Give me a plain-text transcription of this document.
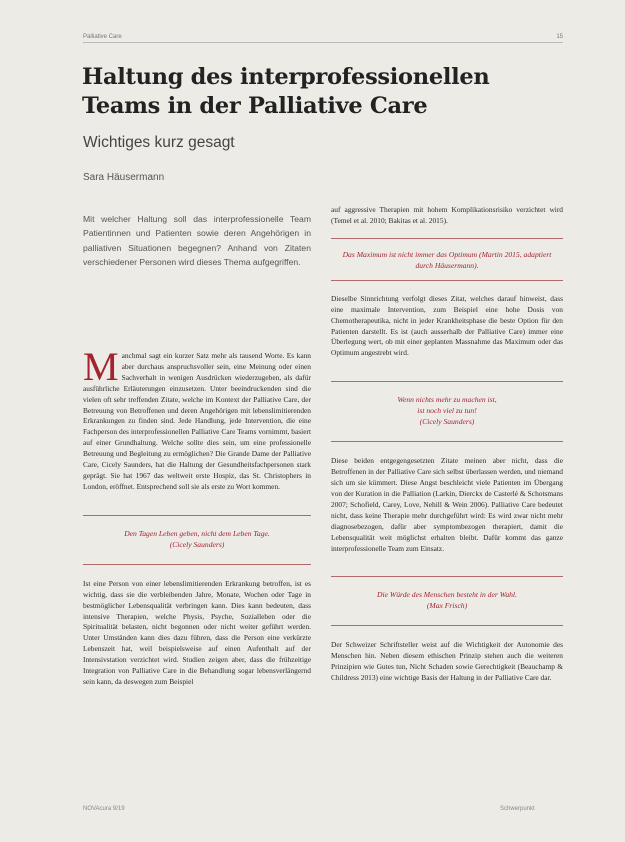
Palliative Care	15
Haltung des interprofessionellen Teams in der Palliative Care
Wichtiges kurz gesagt
Sara Häusermann

Mit welcher Haltung soll das interprofessionelle Team Patientinnen und Patienten sowie deren Angehörigen in palliativen Situationen begegnen? Anhand von Zitaten verschiedener Personen wird dieses Thema aufgegriffen.

Manchmal sagt ein kurzer Satz mehr als tausend Worte. Es kann aber durchaus anspruchsvoller sein, eine Meinung oder einen Sachverhalt in wenigen Ausdrücken wiederzugeben, als dafür ausführliche Erläuterungen einzusetzen. Unter beeindruckenden sind die vielen oft sehr treffenden Zitate, welche im Kontext der Palliative Care, der Betreuung von Betroffenen und deren Angehörigen mit lebenslimitierenden Erkrankungen zu finden sind. Jede Handlung, jede Intervention, die eine Fachperson des interprofessionellen Palliative Care Teams vornimmt, basiert auf einer Grundhaltung. Welche sollte dies sein, um eine professionelle Betreuung und Begleitung zu ermöglichen? Die Grande Dame der Palliative Care, Cicely Saunders, hat die Haltung der Gesundheitsfachpersonen stark geprägt. Sie hat 1967 das weltweit erste Hospiz, das St. Christophers in London, eröffnet. Entsprechend soll sie als erste zu Wort kommen.

Den Tagen Leben geben, nicht dem Leben Tage.
(Cicely Saunders)

Ist eine Person von einer lebenslimitierenden Erkrankung betroffen, ist es wichtig, dass sie die verbleibenden Jahre, Monate, Wochen oder Tage in bestmöglicher Lebensqualität verbringen kann. Dies kann bedeuten, dass intensive Therapien, welche Physis, Psyche, Sozialleben oder die Spiritualität belasten, nicht begonnen oder nicht weiter geführt werden. Unter Umständen kann dies dazu führen, dass die Person eine verkürzte Lebenszeit hat, weil beispielsweise auf einen Aufenthalt auf der Intensivstation verzichtet wird. Studien zeigen aber, dass die frühzeitige Integration von Palliative Care in die Behandlung sogar lebensverlängernd sein kann, da deswegen zum Beispiel

auf aggressive Therapien mit hohem Komplikationsrisiko verzichtet wird (Temel et al. 2010; Bakitas et al. 2015).

Das Maximum ist nicht immer das Optimum (Martin 2015, adaptiert durch Häusermann).

Dieselbe Sinnrichtung verfolgt dieses Zitat, welches darauf hinweist, dass eine maximale Intervention, zum Beispiel eine hohe Dosis von Chemotherapeutika, nicht in jeder Krankheitsphase die beste Option für den Patienten darstellt. Es ist (auch ausserhalb der Palliative Care) immer eine Überlegung wert, ob mit einer geplanten Massnahme das Maximum oder das Optimum angestrebt wird.

Wenn nichts mehr zu machen ist,
ist noch viel zu tun!
(Cicely Saunders)

Diese beiden entgegengesetzten Zitate meinen aber nicht, dass die Betroffenen in der Palliative Care sich selbst überlassen werden, und niemand sich um sie kümmert. Diese Angst beschleicht viele Patienten im Übergang von der Kuration in die Palliation (Larkin, Dierckx de Casterlé & Schotsmans 2007; Schofield, Carey, Love, Nehill & Wein 2006). Palliative Care bedeutet nicht, dass keine Therapie mehr durchgeführt wird: Es wird zwar nicht mehr diagnosebezogen, dafür aber symptombezogen therapiert, damit die Lebensqualität weit möglichst erhalten bleibt. Dafür kommt das ganze interprofessionelle Team zum Einsatz.

Die Würde des Menschen besteht in der Wahl.
(Max Frisch)

Der Schweizer Schriftsteller weist auf die Wichtigkeit der Autonomie des Menschen hin. Neben diesem ethischen Prinzip stehen auch die weiteren Prinzipien wie Gutes tun, Nicht Schaden sowie Gerechtigkeit (Beauchamp & Childress 2013) eine wichtige Basis der Haltung in der Palliative Care dar.

NOVAcura 9/19	Schwerpunkt
